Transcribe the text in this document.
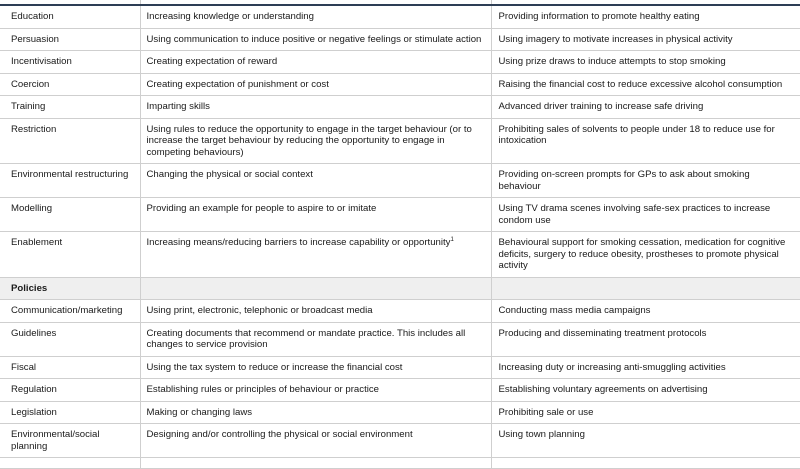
Education	Increasing knowledge or understanding	Providing information to promote healthy eating
Persuasion	Using communication to induce positive or negative feelings or stimulate action	Using imagery to motivate increases in physical activity
Incentivisation	Creating expectation of reward	Using prize draws to induce attempts to stop smoking
Coercion	Creating expectation of punishment or cost	Raising the financial cost to reduce excessive alcohol consumption
Training	Imparting skills	Advanced driver training to increase safe driving
Restriction	Using rules to reduce the opportunity to engage in the target behaviour (or to increase the target behaviour by reducing the opportunity to engage in competing behaviours)	Prohibiting sales of solvents to people under 18 to reduce use for intoxication
Environmental restructuring	Changing the physical or social context	Providing on-screen prompts for GPs to ask about smoking behaviour
Modelling	Providing an example for people to aspire to or imitate	Using TV drama scenes involving safe-sex practices to increase condom use
Enablement	Increasing means/reducing barriers to increase capability or opportunity$^1$	Behavioural support for smoking cessation, medication for cognitive deficits, surgery to reduce obesity, prostheses to promote physical activity
Policies		
Communication/marketing	Using print, electronic, telephonic or broadcast media	Conducting mass media campaigns
Guidelines	Creating documents that recommend or mandate practice. This includes all changes to service provision	Producing and disseminating treatment protocols
Fiscal	Using the tax system to reduce or increase the financial cost	Increasing duty or increasing anti-smuggling activities
Regulation	Establishing rules or principles of behaviour or practice	Establishing voluntary agreements on advertising
Legislation	Making or changing laws	Prohibiting sale or use
Environmental/social planning	Designing and/or controlling the physical or social environment	Using town planning
